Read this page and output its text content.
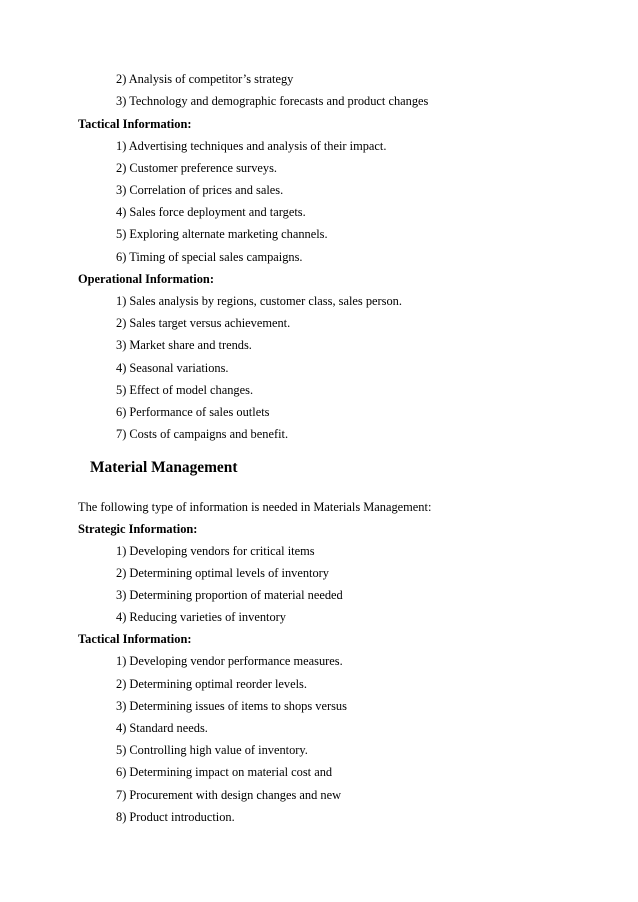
2) Analysis of competitor’s strategy
3) Technology and demographic forecasts and product changes
Tactical Information:
1) Advertising techniques and analysis of their impact.
2) Customer preference surveys.
3) Correlation of prices and sales.
4) Sales force deployment and targets.
5) Exploring alternate marketing channels.
6) Timing of special sales campaigns.
Operational Information:
1) Sales analysis by regions, customer class, sales person.
2) Sales target versus achievement.
3) Market share and trends.
4) Seasonal variations.
5) Effect of model changes.
6) Performance of sales outlets
7) Costs of campaigns and benefit.
Material Management
The following type of information is needed in Materials Management:
Strategic Information:
1) Developing vendors for critical items
2) Determining optimal levels of inventory
3) Determining proportion of material needed
4) Reducing varieties of inventory
Tactical Information:
1) Developing vendor performance measures.
2) Determining optimal reorder levels.
3) Determining issues of items to shops versus
4) Standard needs.
5) Controlling high value of inventory.
6) Determining impact on material cost and
7) Procurement with design changes and new
8) Product introduction.
